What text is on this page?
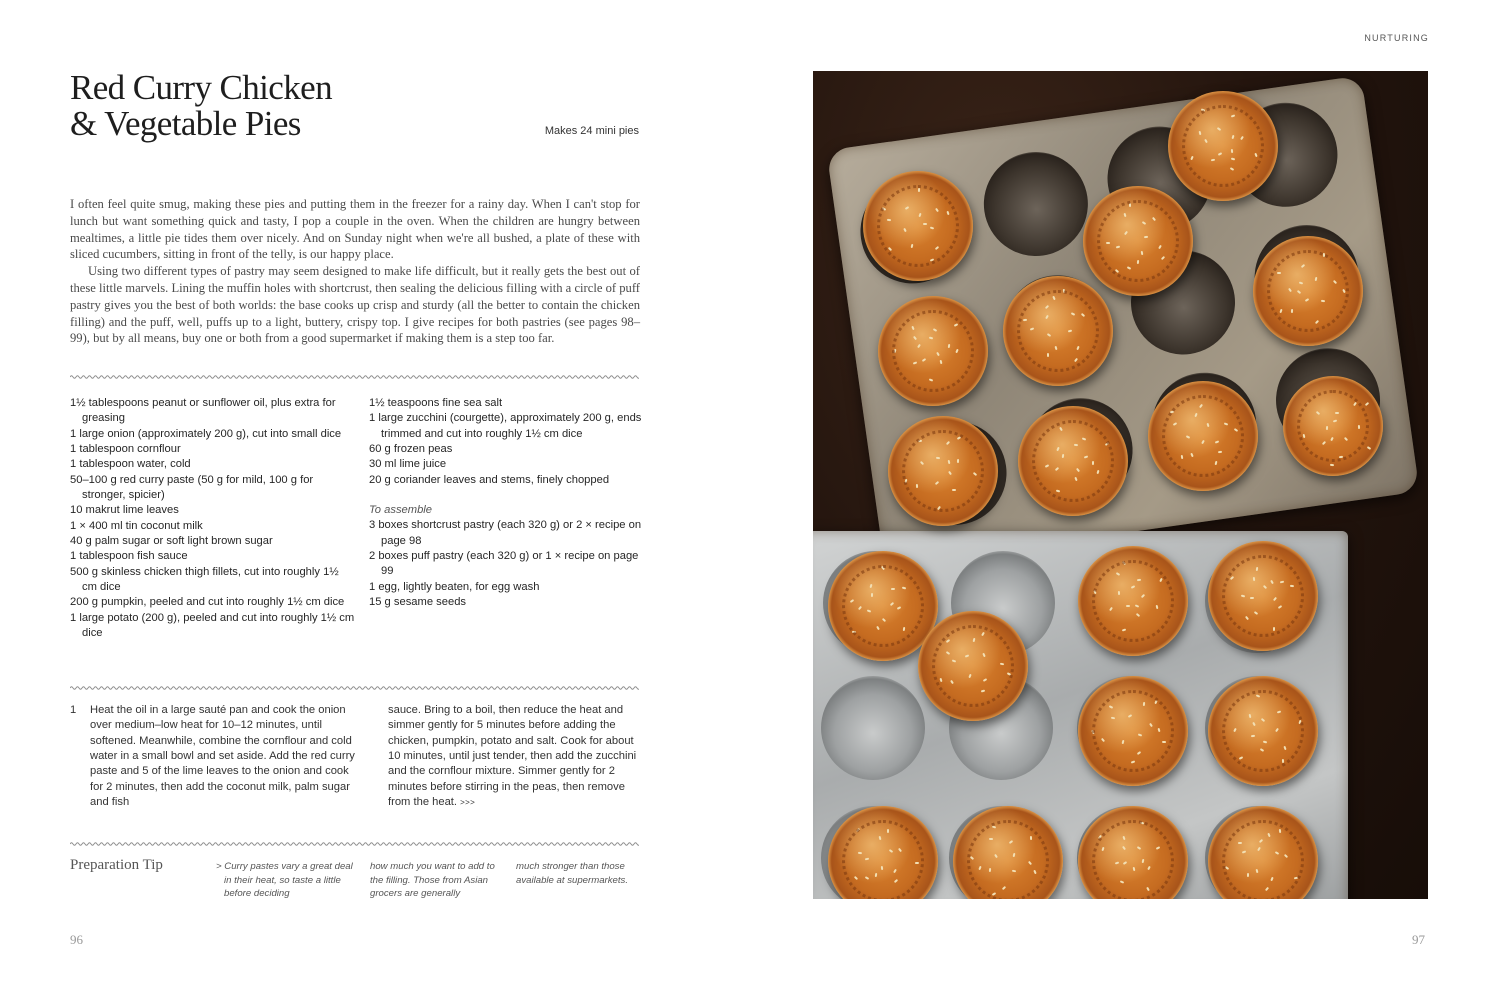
NURTURING
Red Curry Chicken
& Vegetable Pies	Makes 24 mini pies

I often feel quite smug, making these pies and putting them in the freezer for a rainy day. When I can't stop for lunch but want something quick and tasty, I pop a couple in the oven. When the children are hungry between mealtimes, a little pie tides them over nicely. And on Sunday night when we're all bushed, a plate of these with sliced cucumbers, sitting in front of the telly, is our happy place.

Using two different types of pastry may seem designed to make life difficult, but it really gets the best out of these little marvels. Lining the muffin holes with shortcrust, then sealing the delicious filling with a circle of puff pastry gives you the best of both worlds: the base cooks up crisp and sturdy (all the better to contain the chicken filling) and the puff, well, puffs up to a light, buttery, crispy top. I give recipes for both pastries (see pages 98–99), but by all means, buy one or both from a good supermarket if making them is a step too far.

1½ tablespoons peanut or sunflower oil, plus extra for greasing
1 large onion (approximately 200 g), cut into small dice
1 tablespoon cornflour
1 tablespoon water, cold
50–100 g red curry paste (50 g for mild, 100 g for stronger, spicier)
10 makrut lime leaves
1 × 400 ml tin coconut milk
40 g palm sugar or soft light brown sugar
1 tablespoon fish sauce
500 g skinless chicken thigh fillets, cut into roughly 1½ cm dice
200 g pumpkin, peeled and cut into roughly 1½ cm dice
1 large potato (200 g), peeled and cut into roughly 1½ cm dice
1½ teaspoons fine sea salt
1 large zucchini (courgette), approximately 200 g, ends trimmed and cut into roughly 1½ cm dice
60 g frozen peas
30 ml lime juice
20 g coriander leaves and stems, finely chopped
To assemble
3 boxes shortcrust pastry (each 320 g) or 2 × recipe on page 98
2 boxes puff pastry (each 320 g) or 1 × recipe on page 99
1 egg, lightly beaten, for egg wash
15 g sesame seeds
1	Heat the oil in a large sauté pan and cook the onion over medium–low heat for 10–12 minutes, until softened. Meanwhile, combine the cornflour and cold water in a small bowl and set aside. Add the red curry paste and 5 of the lime leaves to the onion and cook for 2 minutes, then add the coconut milk, palm sugar and fish
sauce. Bring to a boil, then reduce the heat and simmer gently for 5 minutes before adding the chicken, pumpkin, potato and salt. Cook for about 10 minutes, until just tender, then add the zucchini and the cornflour mixture. Simmer gently for 2 minutes before stirring in the peas, then remove from the heat. >>>
Preparation Tip	> Curry pastes vary a great deal in their heat, so taste a little before deciding
how much you want to add to the filling. Those from Asian grocers are generally
much stronger than those available at supermarkets.
96	97
